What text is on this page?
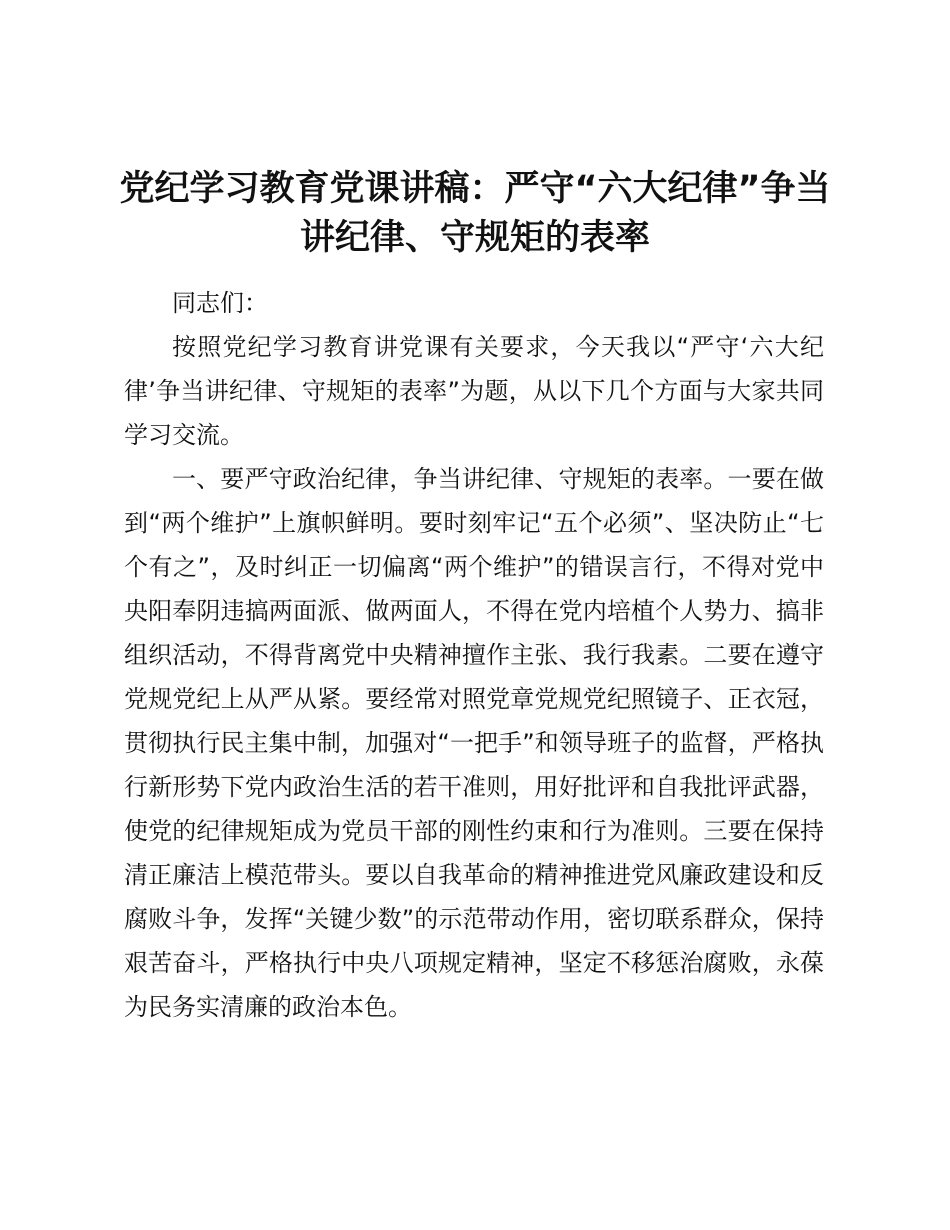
党纪学习教育党课讲稿：严守“六大纪律”争当
讲纪律、守规矩的表率

同志们：

按照党纪学习教育讲党课有关要求，今天我以“严守‘六大纪律’争当讲纪律、守规矩的表率”为题，从以下几个方面与大家共同学习交流。

一、要严守政治纪律，争当讲纪律、守规矩的表率。一要在做到“两个维护”上旗帜鲜明。要时刻牢记“五个必须”、坚决防止“七个有之”，及时纠正一切偏离“两个维护”的错误言行，不得对党中央阳奉阴违搞两面派、做两面人，不得在党内培植个人势力、搞非组织活动，不得背离党中央精神擅作主张、我行我素。二要在遵守党规党纪上从严从紧。要经常对照党章党规党纪照镜子、正衣冠，贯彻执行民主集中制，加强对“一把手”和领导班子的监督，严格执行新形势下党内政治生活的若干准则，用好批评和自我批评武器，使党的纪律规矩成为党员干部的刚性约束和行为准则。三要在保持清正廉洁上模范带头。要以自我革命的精神推进党风廉政建设和反腐败斗争，发挥“关键少数”的示范带动作用，密切联系群众，保持艰苦奋斗，严格执行中央八项规定精神，坚定不移惩治腐败，永葆为民务实清廉的政治本色。
